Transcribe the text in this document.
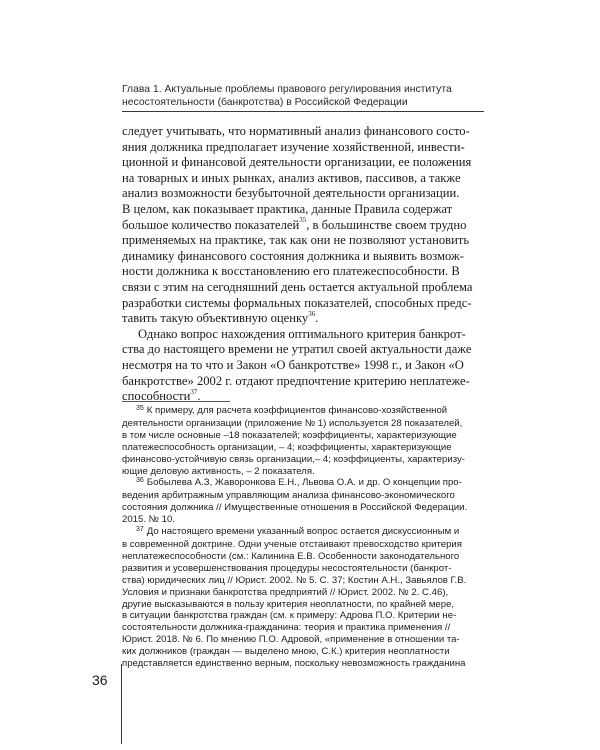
Глава 1. Актуальные проблемы правового регулирования института
несостоятельности (банкротства) в Российской Федерации

следует учитывать, что нормативный анализ финансового состо-
яния должника предполагает изучение хозяйственной, инвести-
ционной и финансовой деятельности организации, ее положения
на товарных и иных рынках, анализ активов, пассивов, а также
анализ возможности безубыточной деятельности организации.
В целом, как показывает практика, данные Правила содержат
большое количество показателей$^{35}$, в большинстве своем трудно
применяемых на практике, так как они не позволяют установить
динамику финансового состояния должника и выявить возмож-
ности должника к восстановлению его платежеспособности. В
связи с этим на сегодняшний день остается актуальной проблема
разработки системы формальных показателей, способных предс-
тавить такую объективную оценку$^{36}$.

Однако вопрос нахождения оптимального критерия банкрот-
ства до настоящего времени не утратил своей актуальности даже
несмотря на то что и Закон «О банкротстве» 1998 г., и Закон «О
банкротстве» 2002 г. отдают предпочтение критерию неплатеже-
способности$^{37}$.

$^{35}$ К примеру, для расчета коэффициентов финансово-хозяйственной
деятельности организации (приложение № 1) используется 28 показателей,
в том числе основные –18 показателей; коэффициенты, характеризующие
платежеспособность организации, – 4; коэффициенты, характеризующие
финансово-устойчивую связь организации,– 4; коэффициенты, характеризу-
ющие деловую активность, – 2 показателя.
$^{36}$ Бобылева А.З, Жаворонкова Е.Н., Львова О.А. и др. О концепции про-
ведения арбитражным управляющим анализа финансово-экономического
состояния должника // Имущественные отношения в Российской Федерации.
2015. № 10.
$^{37}$ До настоящего времени указанный вопрос остается дискуссионным и
в современной доктрине. Одни ученые отстаивают превосходство критерия
неплатежеспособности (см.: Калинина Е.В. Особенности законодательного
развития и усовершенствования процедуры несостоятельности (банкрот-
ства) юридических лиц // Юрист. 2002. № 5. С. 37; Костин А.Н., Завьялов Г.В.
Условия и признаки банкротства предприятий // Юрист. 2002. № 2. С.46),
другие высказываются в пользу критерия неоплатности, по крайней мере,
в ситуации банкротства граждан (см. к примеру: Адрова П.О. Критерии не-
состоятельности должника-гражданина: теория и практика применения //
Юрист. 2018. № 6. По мнению П.О. Адровой, «применение в отношении та-
ких должников (граждан — выделено мною, С.К.) критерия неоплатности
представляется единственно верным, поскольку невозможность гражданина
36
